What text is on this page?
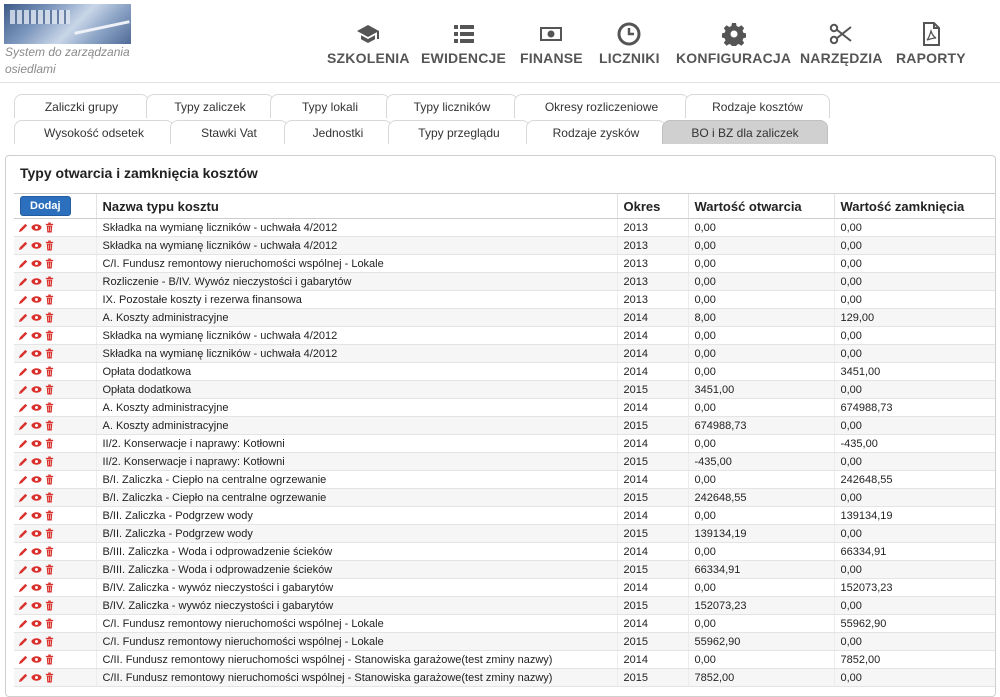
System do zarządzania osiedlami
SZKOLENIA EWIDENCJE FINANSE LICZNIKI KONFIGURACJA NARZĘDZIA RAPORTY
Zaliczki grupy	Typy zaliczek	Typy lokali	Typy liczników	Okresy rozliczeniowe	Rodzaje kosztów
Wysokość odsetek	Stawki Vat	Jednostki	Typy przeglądu	Rodzaje zysków	BO i BZ dla zaliczek
Typy otwarcia i zamknięcia kosztów
Dodaj	Nazwa typu kosztu	Okres	Wartość otwarcia	Wartość zamknięcia
	Składka na wymianę liczników - uchwała 4/2012	2013	0,00	0,00
	Składka na wymianę liczników - uchwała 4/2012	2013	0,00	0,00
	C/I. Fundusz remontowy nieruchomości wspólnej - Lokale	2013	0,00	0,00
	Rozliczenie - B/IV. Wywóz nieczystości i gabarytów	2013	0,00	0,00
	IX. Pozostałe koszty i rezerwa finansowa	2013	0,00	0,00
	A. Koszty administracyjne	2014	8,00	129,00
	Składka na wymianę liczników - uchwała 4/2012	2014	0,00	0,00
	Składka na wymianę liczników - uchwała 4/2012	2014	0,00	0,00
	Opłata dodatkowa	2014	0,00	3451,00
	Opłata dodatkowa	2015	3451,00	0,00
	A. Koszty administracyjne	2014	0,00	674988,73
	A. Koszty administracyjne	2015	674988,73	0,00
	II/2. Konserwacje i naprawy: Kotłowni	2014	0,00	-435,00
	II/2. Konserwacje i naprawy: Kotłowni	2015	-435,00	0,00
	B/I. Zaliczka - Ciepło na centralne ogrzewanie	2014	0,00	242648,55
	B/I. Zaliczka - Ciepło na centralne ogrzewanie	2015	242648,55	0,00
	B/II. Zaliczka - Podgrzew wody	2014	0,00	139134,19
	B/II. Zaliczka - Podgrzew wody	2015	139134,19	0,00
	B/III. Zaliczka - Woda i odprowadzenie ścieków	2014	0,00	66334,91
	B/III. Zaliczka - Woda i odprowadzenie ścieków	2015	66334,91	0,00
	B/IV. Zaliczka - wywóz nieczystości i gabarytów	2014	0,00	152073,23
	B/IV. Zaliczka - wywóz nieczystości i gabarytów	2015	152073,23	0,00
	C/I. Fundusz remontowy nieruchomości wspólnej - Lokale	2014	0,00	55962,90
	C/I. Fundusz remontowy nieruchomości wspólnej - Lokale	2015	55962,90	0,00
	C/II. Fundusz remontowy nieruchomości wspólnej - Stanowiska garażowe(test zminy nazwy)	2014	0,00	7852,00
	C/II. Fundusz remontowy nieruchomości wspólnej - Stanowiska garażowe(test zminy nazwy)	2015	7852,00	0,00
